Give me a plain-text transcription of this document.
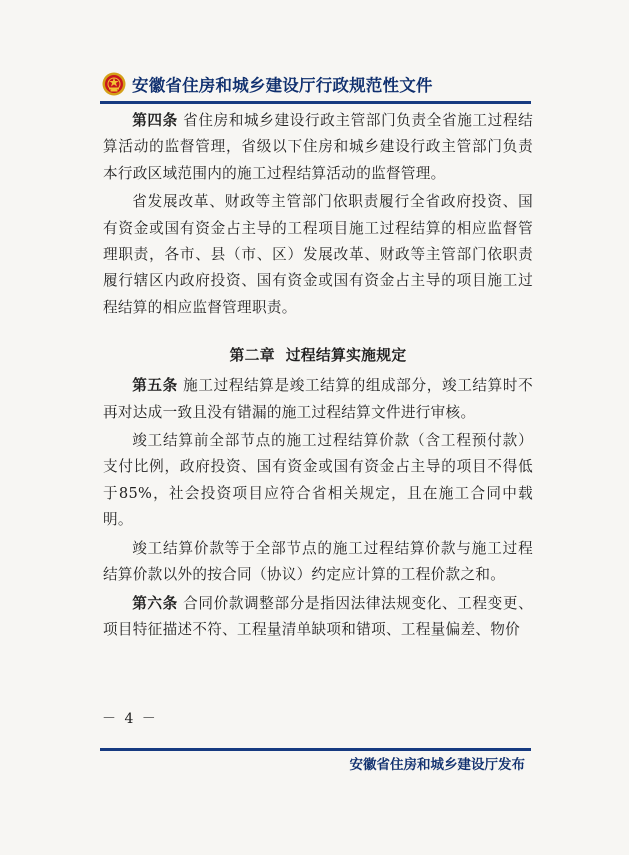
安徽省住房和城乡建设厅行政规范性文件

第四条 省住房和城乡建设行政主管部门负责全省施工过程结算活动的监督管理，省级以下住房和城乡建设行政主管部门负责本行政区域范围内的施工过程结算活动的监督管理。

省发展改革、财政等主管部门依职责履行全省政府投资、国有资金或国有资金占主导的工程项目施工过程结算的相应监督管理职责，各市、县（市、区）发展改革、财政等主管部门依职责履行辖区内政府投资、国有资金或国有资金占主导的项目施工过程结算的相应监督管理职责。

第二章  过程结算实施规定

第五条 施工过程结算是竣工结算的组成部分，竣工结算时不再对达成一致且没有错漏的施工过程结算文件进行审核。

竣工结算前全部节点的施工过程结算价款（含工程预付款）支付比例，政府投资、国有资金或国有资金占主导的项目不得低于85%，社会投资项目应符合省相关规定，且在施工合同中载明。

竣工结算价款等于全部节点的施工过程结算价款与施工过程结算价款以外的按合同（协议）约定应计算的工程价款之和。

第六条 合同价款调整部分是指因法律法规变化、工程变更、项目特征描述不符、工程量清单缺项和错项、工程量偏差、物价

－ 4 －
安徽省住房和城乡建设厅发布
